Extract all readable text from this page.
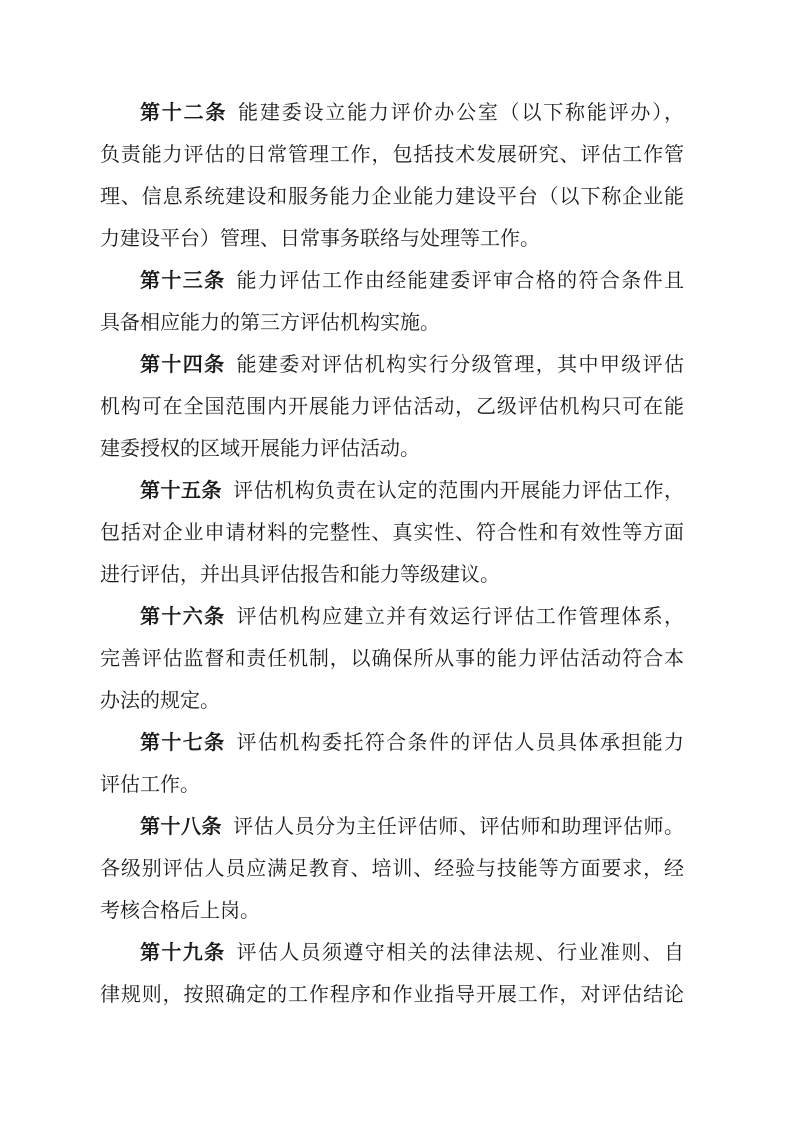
第十二条 能建委设立能力评价办公室（以下称能评办），
负责能力评估的日常管理工作，包括技术发展研究、评估工作管
理、信息系统建设和服务能力企业能力建设平台（以下称企业能
力建设平台）管理、日常事务联络与处理等工作。
第十三条 能力评估工作由经能建委评审合格的符合条件且
具备相应能力的第三方评估机构实施。
第十四条 能建委对评估机构实行分级管理，其中甲级评估
机构可在全国范围内开展能力评估活动，乙级评估机构只可在能
建委授权的区域开展能力评估活动。
第十五条 评估机构负责在认定的范围内开展能力评估工作，
包括对企业申请材料的完整性、真实性、符合性和有效性等方面
进行评估，并出具评估报告和能力等级建议。
第十六条 评估机构应建立并有效运行评估工作管理体系，
完善评估监督和责任机制，以确保所从事的能力评估活动符合本
办法的规定。
第十七条 评估机构委托符合条件的评估人员具体承担能力
评估工作。
第十八条 评估人员分为主任评估师、评估师和助理评估师。
各级别评估人员应满足教育、培训、经验与技能等方面要求，经
考核合格后上岗。
第十九条 评估人员须遵守相关的法律法规、行业准则、自
律规则，按照确定的工作程序和作业指导开展工作，对评估结论
